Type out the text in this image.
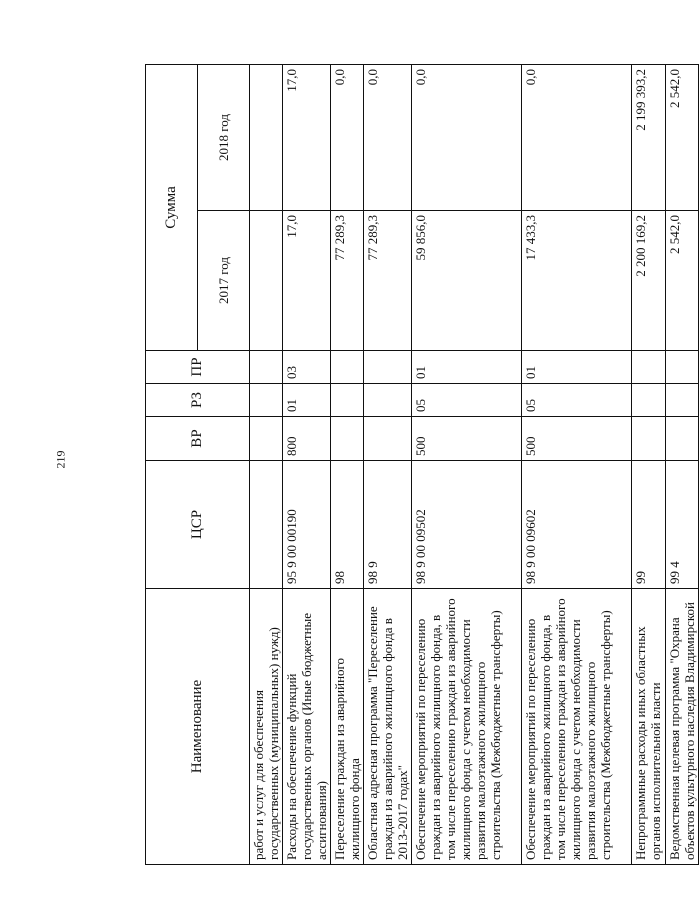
219
Наименование	ЦСР	ВР	РЗ	ПР	Сумма	
					2017 год	2018 год
работ и услуг для обеспечения государственных (муниципальных) нужд)						
Расходы на обеспечение функций государственных органов (Иные бюджетные ассигнования)	95 9 00 00190	800	01	03	17,0	17,0
Переселение граждан из аварийного жилищного фонда	98				77 289,3	0,0
Областная адресная программа "Переселение граждан из аварийного жилищного фонда в 2013-2017 годах"	98 9				77 289,3	0,0
Обеспечение мероприятий по переселению граждан из аварийного жилищного фонда, в том числе переселению граждан из аварийного жилищного фонда с учетом необходимости развития малоэтажного жилищного строительства (Межбюджетные трансферты)	98 9 00 09502	500	05	01	59 856,0	0,0
Обеспечение мероприятий по переселению граждан из аварийного жилищного фонда, в том числе переселению граждан из аварийного жилищного фонда с учетом необходимости развития малоэтажного жилищного строительства (Межбюджетные трансферты)	98 9 00 09602	500	05	01	17 433,3	0,0
Непрограммные расходы иных областных органов исполнительной власти	99				2 200 169,2	2 199 393,2
Ведомственная целевая программа "Охрана объектов культурного наследия Владимирской	99 4				2 542,0	2 542,0
